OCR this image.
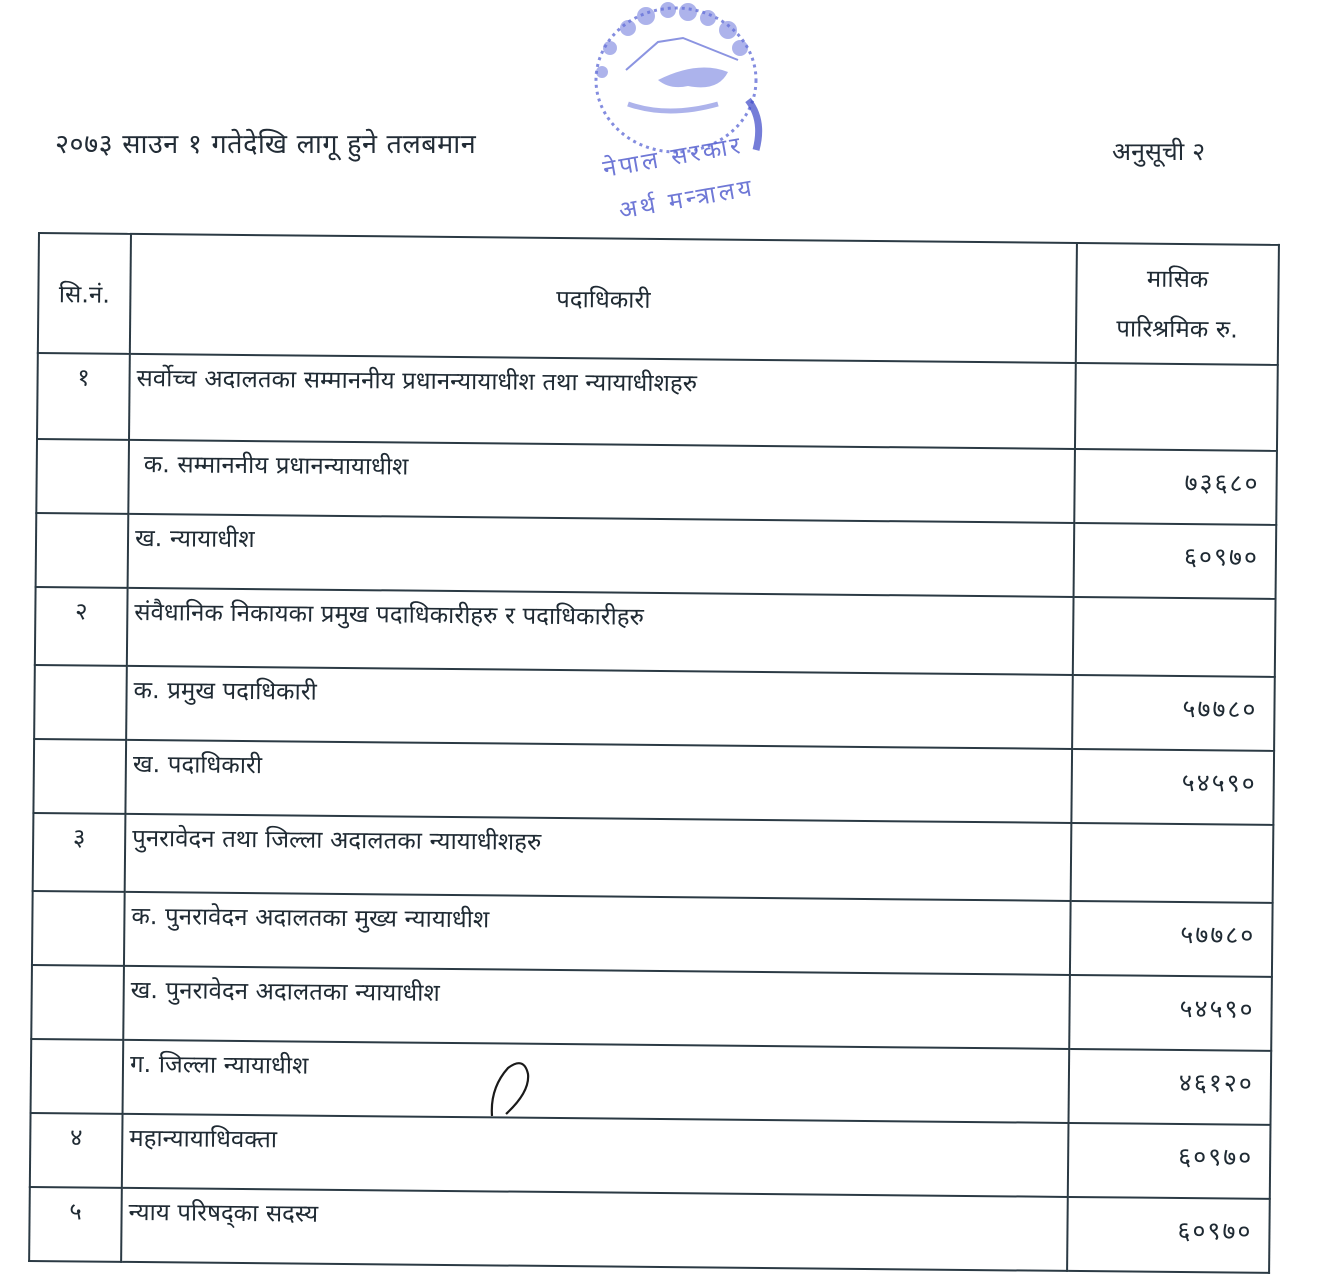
२०७३ साउन १ गतेदेखि लागू हुने तलबमान	अनुसूची २
नेपाल सरकार
अर्थ मन्त्रालय
सि.नं.	पदाधिकारी	मासिक
पारिश्रमिक रु.

१	सर्वोच्च अदालतका सम्माननीय प्रधानन्यायाधीश तथा न्यायाधीशहरु	
	क. सम्माननीय प्रधानन्यायाधीश	७३६८०
	ख. न्यायाधीश	६०९७०
२	संवैधानिक निकायका प्रमुख पदाधिकारीहरु र पदाधिकारीहरु	
	क. प्रमुख पदाधिकारी	५७७८०
	ख. पदाधिकारी	५४५९०
३	पुनरावेदन तथा जिल्ला अदालतका न्यायाधीशहरु	
	क. पुनरावेदन अदालतका मुख्य न्यायाधीश	५७७८०
	ख. पुनरावेदन अदालतका न्यायाधीश	५४५९०
	ग. जिल्ला न्यायाधीश	४६१२०
४	महान्यायाधिवक्ता	६०९७०
५	न्याय परिषद्का सदस्य	६०९७०
